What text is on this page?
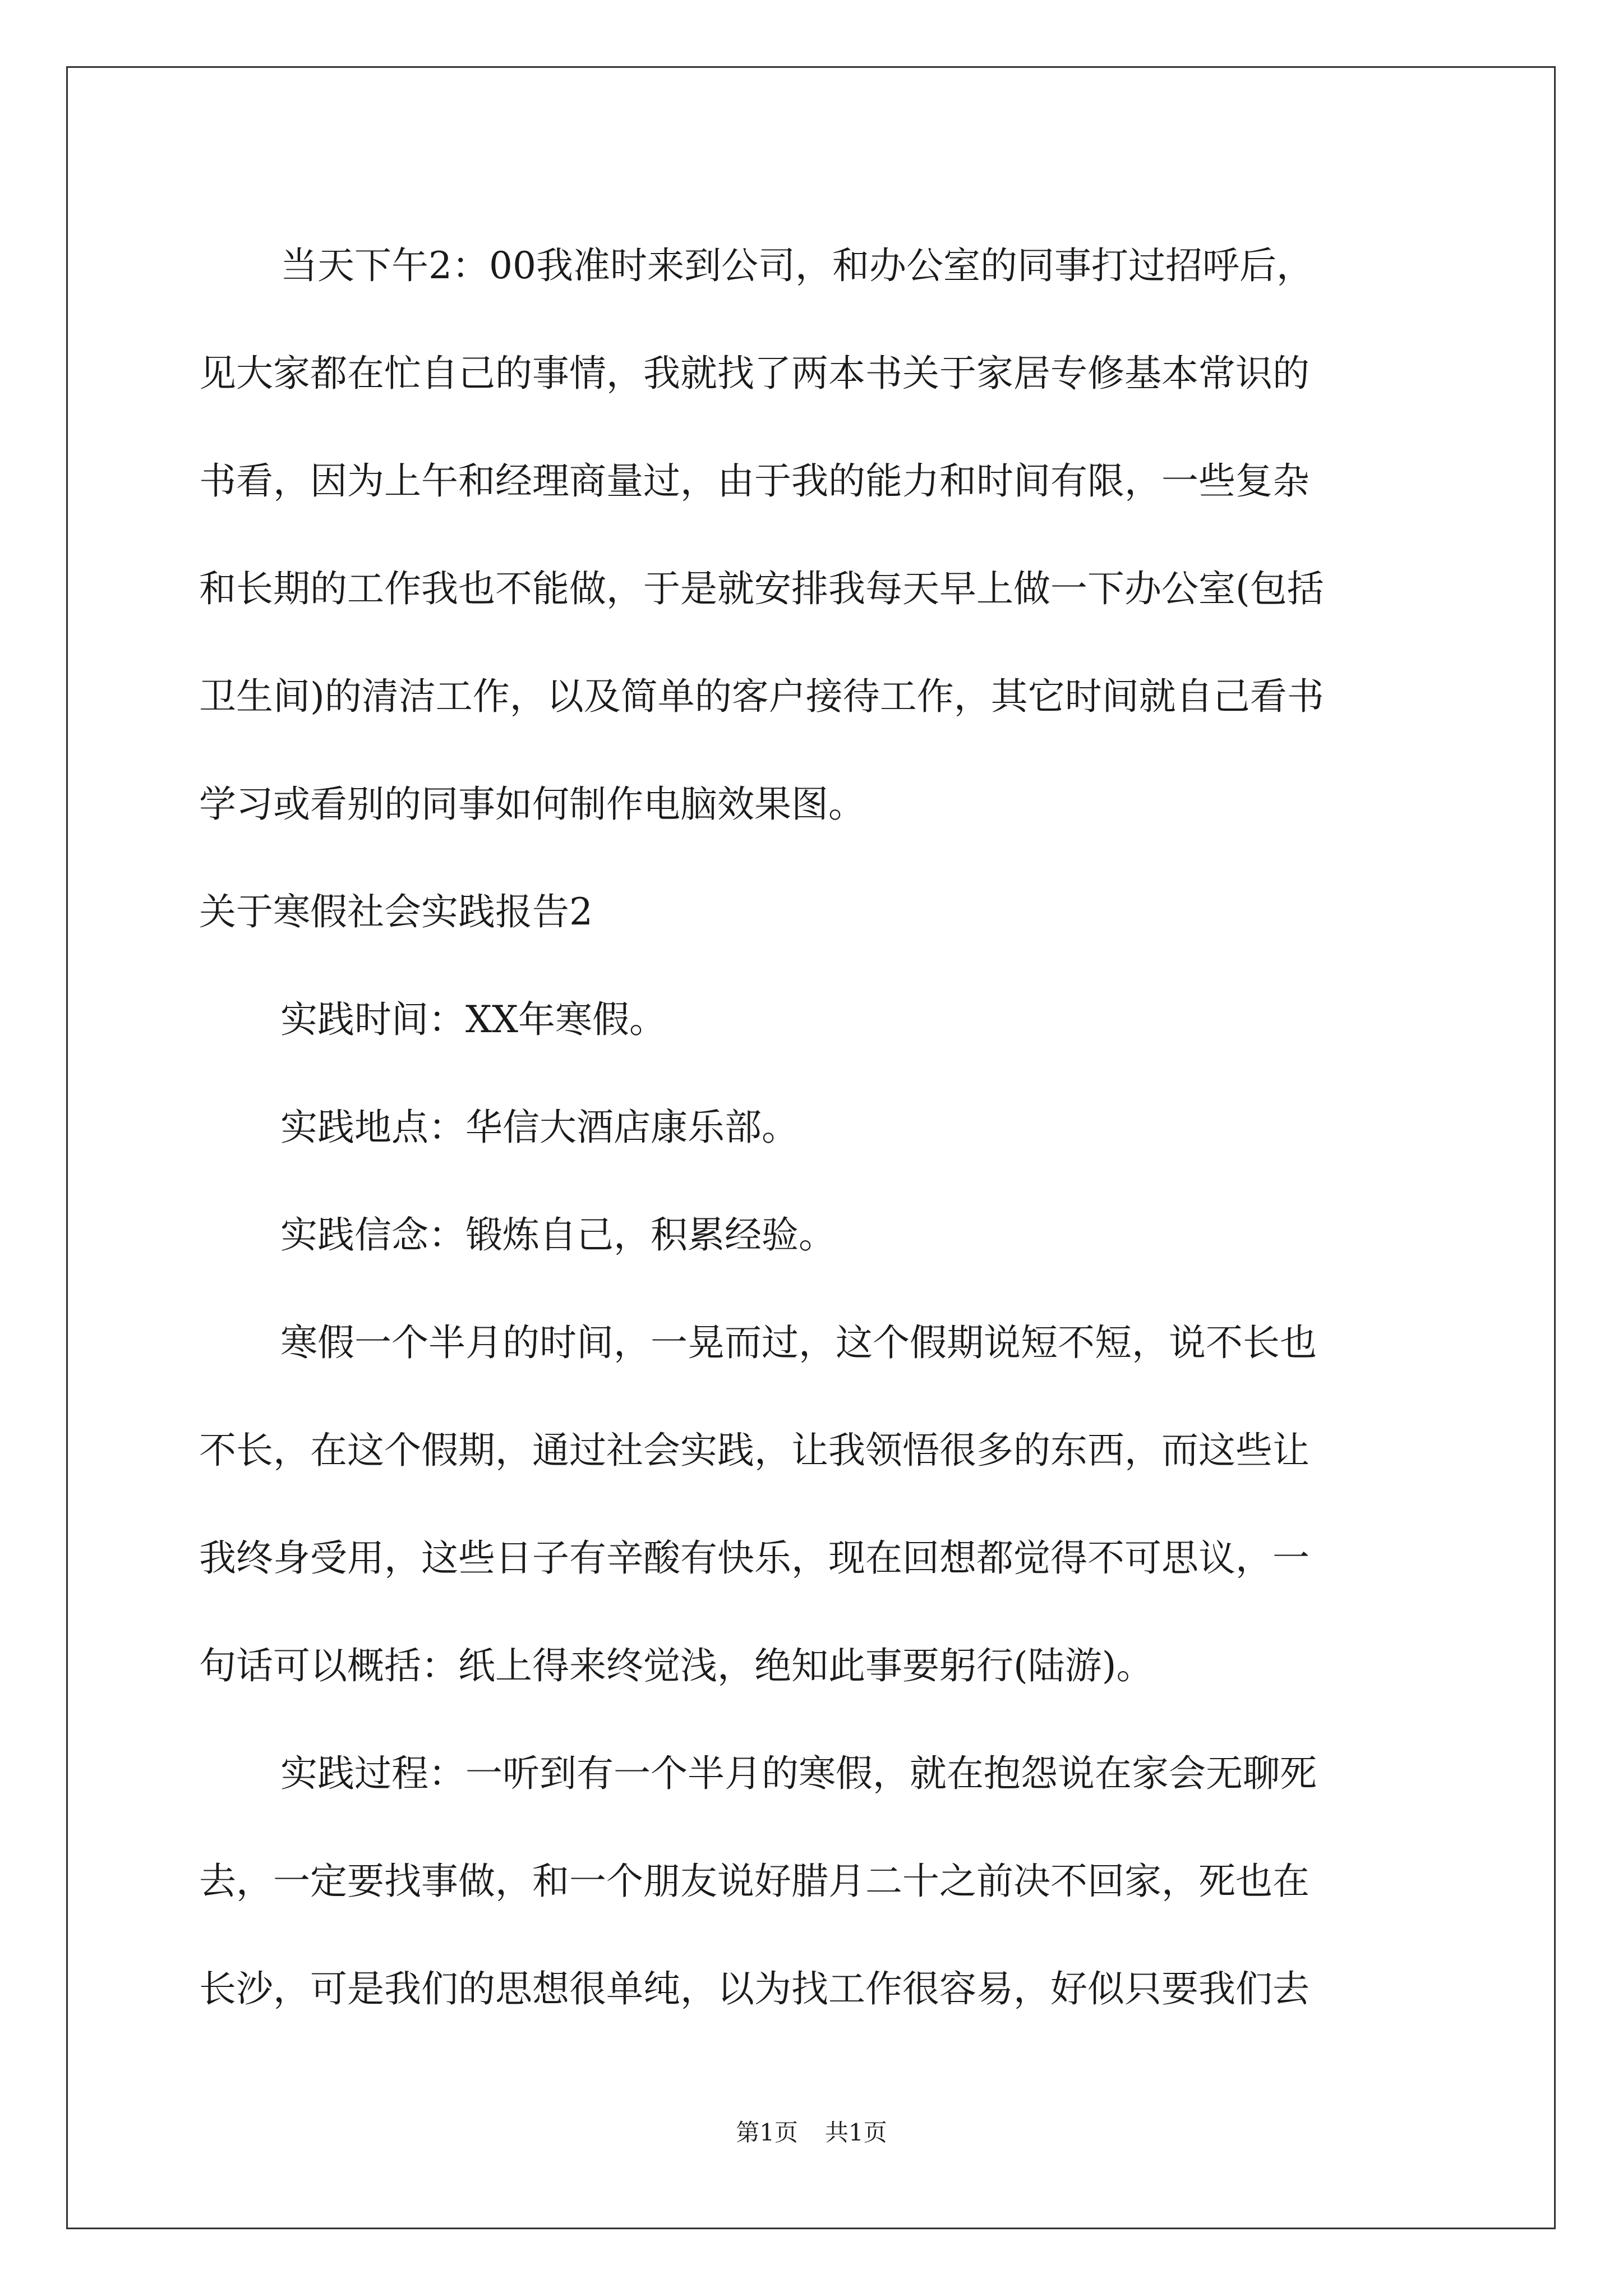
当天下午2：00我准时来到公司，和办公室的同事打过招呼后，
见大家都在忙自己的事情，我就找了两本书关于家居专修基本常识的
书看，因为上午和经理商量过，由于我的能力和时间有限，一些复杂
和长期的工作我也不能做，于是就安排我每天早上做一下办公室(包括
卫生间)的清洁工作，以及简单的客户接待工作，其它时间就自己看书
学习或看别的同事如何制作电脑效果图。
关于寒假社会实践报告2
实践时间：XX年寒假。
实践地点：华信大酒店康乐部。
实践信念：锻炼自己，积累经验。
寒假一个半月的时间，一晃而过，这个假期说短不短，说不长也
不长，在这个假期，通过社会实践，让我领悟很多的东西，而这些让
我终身受用，这些日子有辛酸有快乐，现在回想都觉得不可思议，一
句话可以概括：纸上得来终觉浅，绝知此事要躬行(陆游)。
实践过程：一听到有一个半月的寒假，就在抱怨说在家会无聊死
去，一定要找事做，和一个朋友说好腊月二十之前决不回家，死也在
长沙，可是我们的思想很单纯，以为找工作很容易，好似只要我们去
第1页 共1页
